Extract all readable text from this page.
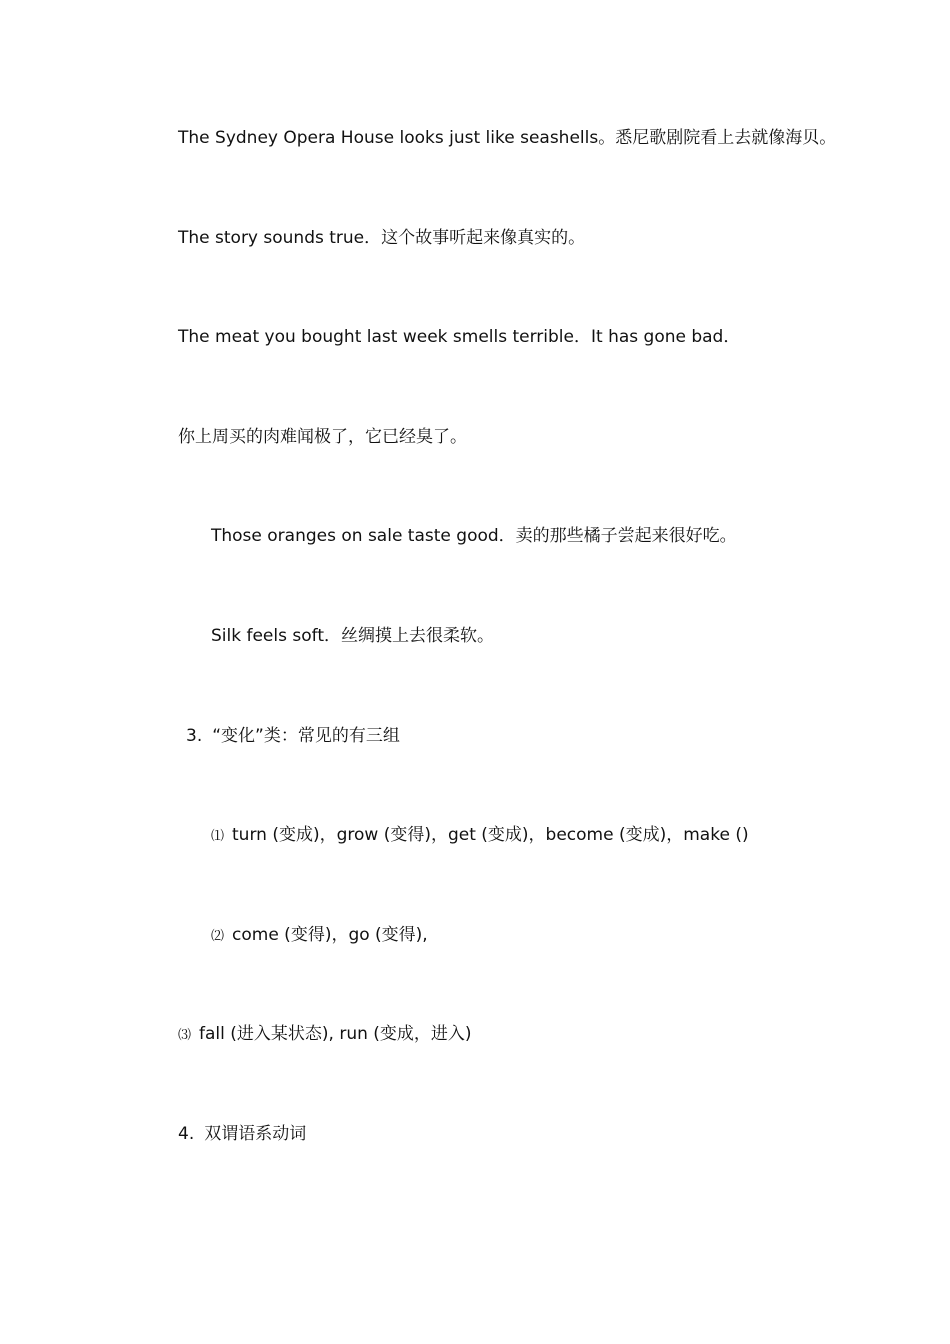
The Sydney Opera House looks just like seashells。悉尼歌剧院看上去就像海贝。
The story sounds true．这个故事听起来像真实的。
The meat you bought last week smells terrible．It has gone bad．
你上周买的肉难闻极了，它已经臭了。
Those oranges on sale taste good．卖的那些橘子尝起来很好吃。
Silk feels soft．丝绸摸上去很柔软。
3. “变化”类：常见的有三组
⑴ turn (变成)，grow (变得)，get (变成)，become (变成)，make ()
⑵ come (变得)，go (变得),
⑶ fall (进入某状态), run (变成，进入)
4. 双谓语系动词
